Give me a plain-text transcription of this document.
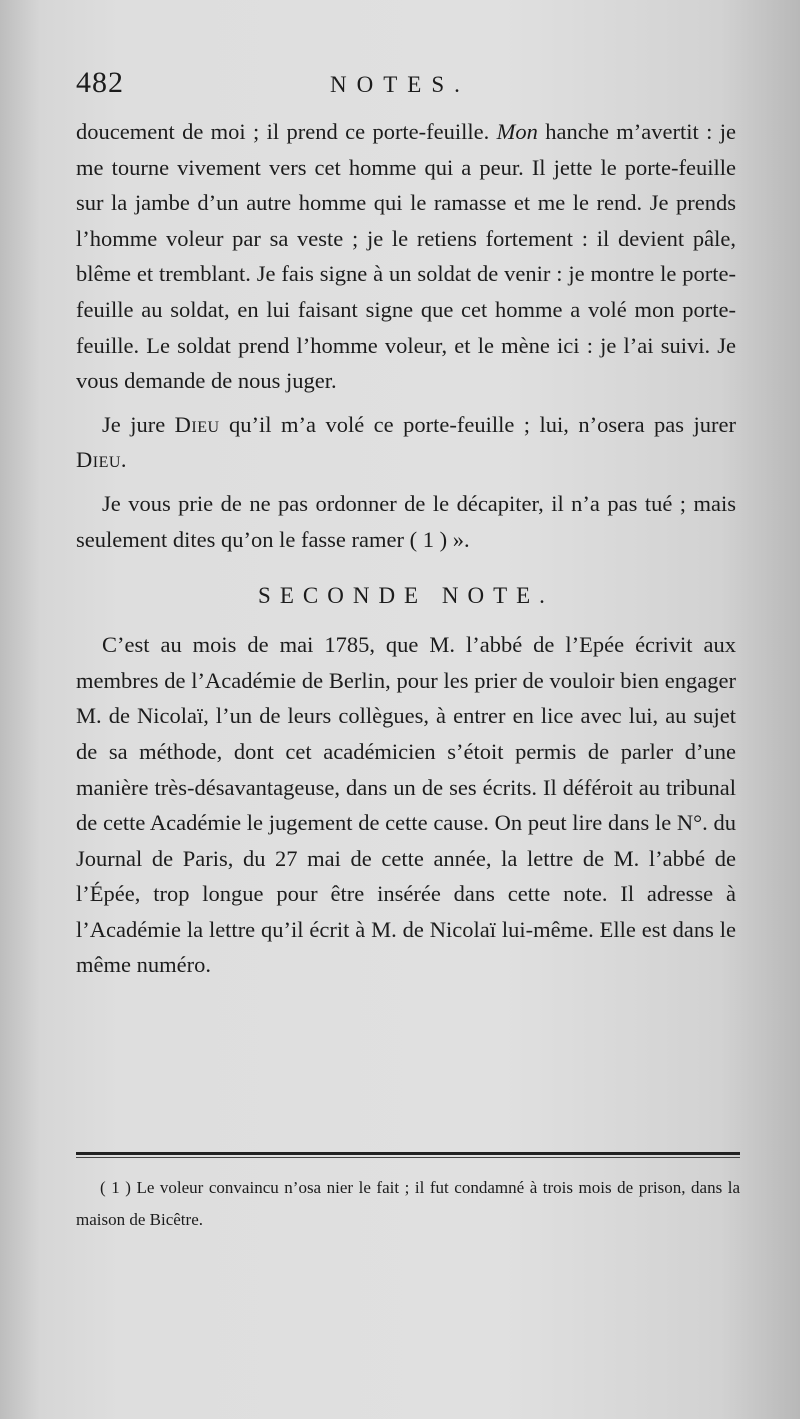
482	NOTES.

doucement de moi ; il prend ce porte-feuille. Mon hanche m’avertit : je me tourne vivement vers cet homme qui a peur. Il jette le porte-feuille sur la jambe d’un autre homme qui le ramasse et me le rend. Je prends l’homme voleur par sa veste ; je le retiens fortement : il devient pâle, blême et tremblant. Je fais signe à un soldat de venir : je montre le porte-feuille au soldat, en lui faisant signe que cet homme a volé mon porte-feuille. Le soldat prend l’homme voleur, et le mène ici : je l’ai suivi. Je vous demande de nous juger.

Je jure Dieu qu’il m’a volé ce porte-feuille ; lui, n’osera pas jurer Dieu.

Je vous prie de ne pas ordonner de le décapiter, il n’a pas tué ; mais seulement dites qu’on le fasse ramer ( 1 ) ».

SECONDE NOTE.

C’est au mois de mai 1785, que M. l’abbé de l’Epée écrivit aux membres de l’Académie de Berlin, pour les prier de vouloir bien engager M. de Nicolaï, l’un de leurs collègues, à entrer en lice avec lui, au sujet de sa méthode, dont cet académicien s’étoit permis de parler d’une manière très-désavantageuse, dans un de ses écrits. Il déféroit au tribunal de cette Académie le jugement de cette cause. On peut lire dans le N°. du Journal de Paris, du 27 mai de cette année, la lettre de M. l’abbé de l’Épée, trop longue pour être insérée dans cette note. Il adresse à l’Académie la lettre qu’il écrit à M. de Nicolaï lui-même. Elle est dans le même numéro.

( 1 ) Le voleur convaincu n’osa nier le fait ; il fut condamné à trois mois de prison, dans la maison de Bicêtre.
